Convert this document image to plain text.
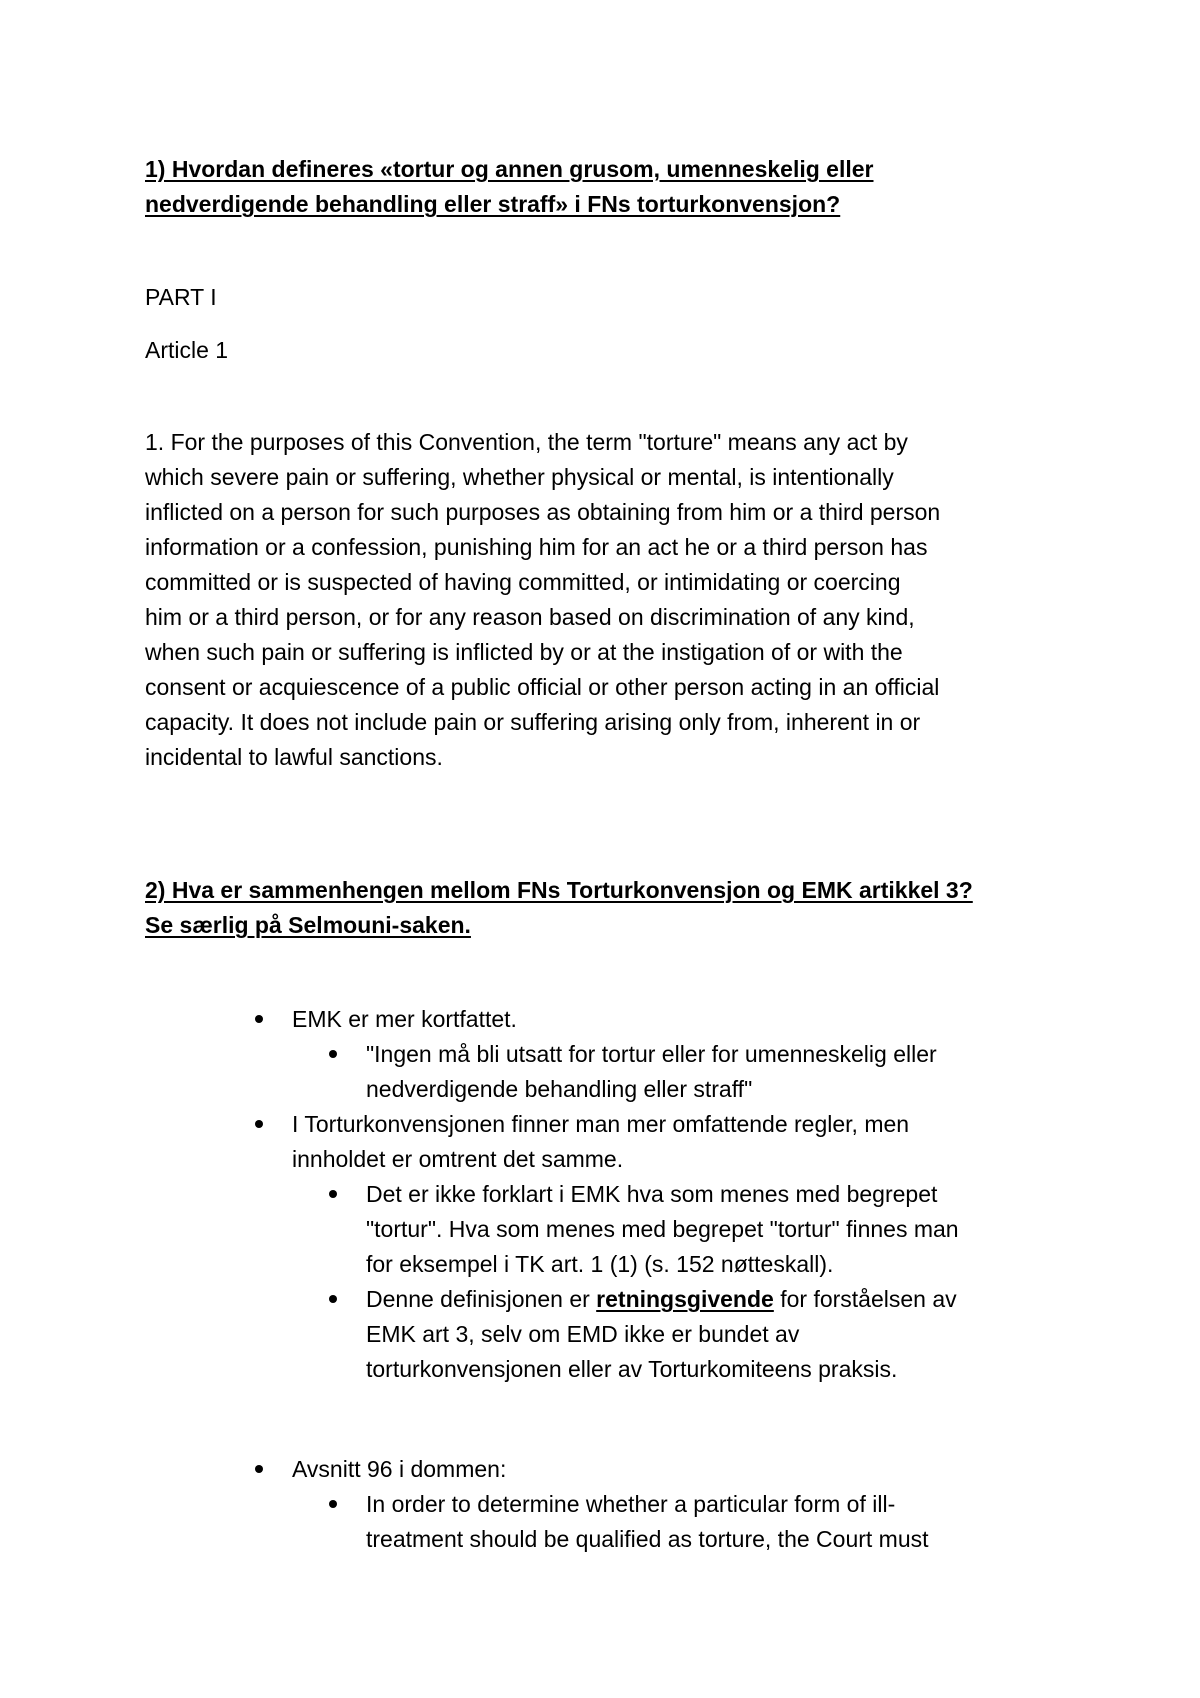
1) Hvordan defineres «tortur og annen grusom, umenneskelig eller
nedverdigende behandling eller straff» i FNs torturkonvensjon?
PART I
Article 1
1. For the purposes of this Convention, the term "torture" means any act by
which severe pain or suffering, whether physical or mental, is intentionally
inflicted on a person for such purposes as obtaining from him or a third person
information or a confession, punishing him for an act he or a third person has
committed or is suspected of having committed, or intimidating or coercing
him or a third person, or for any reason based on discrimination of any kind,
when such pain or suffering is inflicted by or at the instigation of or with the
consent or acquiescence of a public official or other person acting in an official
capacity. It does not include pain or suffering arising only from, inherent in or
incidental to lawful sanctions.
2) Hva er sammenhengen mellom FNs Torturkonvensjon og EMK artikkel 3?
Se særlig på Selmouni-saken.
EMK er mer kortfattet.
"Ingen må bli utsatt for tortur eller for umenneskelig eller
nedverdigende behandling eller straff"
I Torturkonvensjonen finner man mer omfattende regler, men
innholdet er omtrent det samme.
Det er ikke forklart i EMK hva som menes med begrepet
"tortur". Hva som menes med begrepet "tortur" finnes man
for eksempel i TK art. 1 (1) (s. 152 nøtteskall).
Denne definisjonen er retningsgivende for forståelsen av
EMK art 3, selv om EMD ikke er bundet av
torturkonvensjonen eller av Torturkomiteens praksis.
Avsnitt 96 i dommen:
In order to determine whether a particular form of ill-
treatment should be qualified as torture, the Court must
